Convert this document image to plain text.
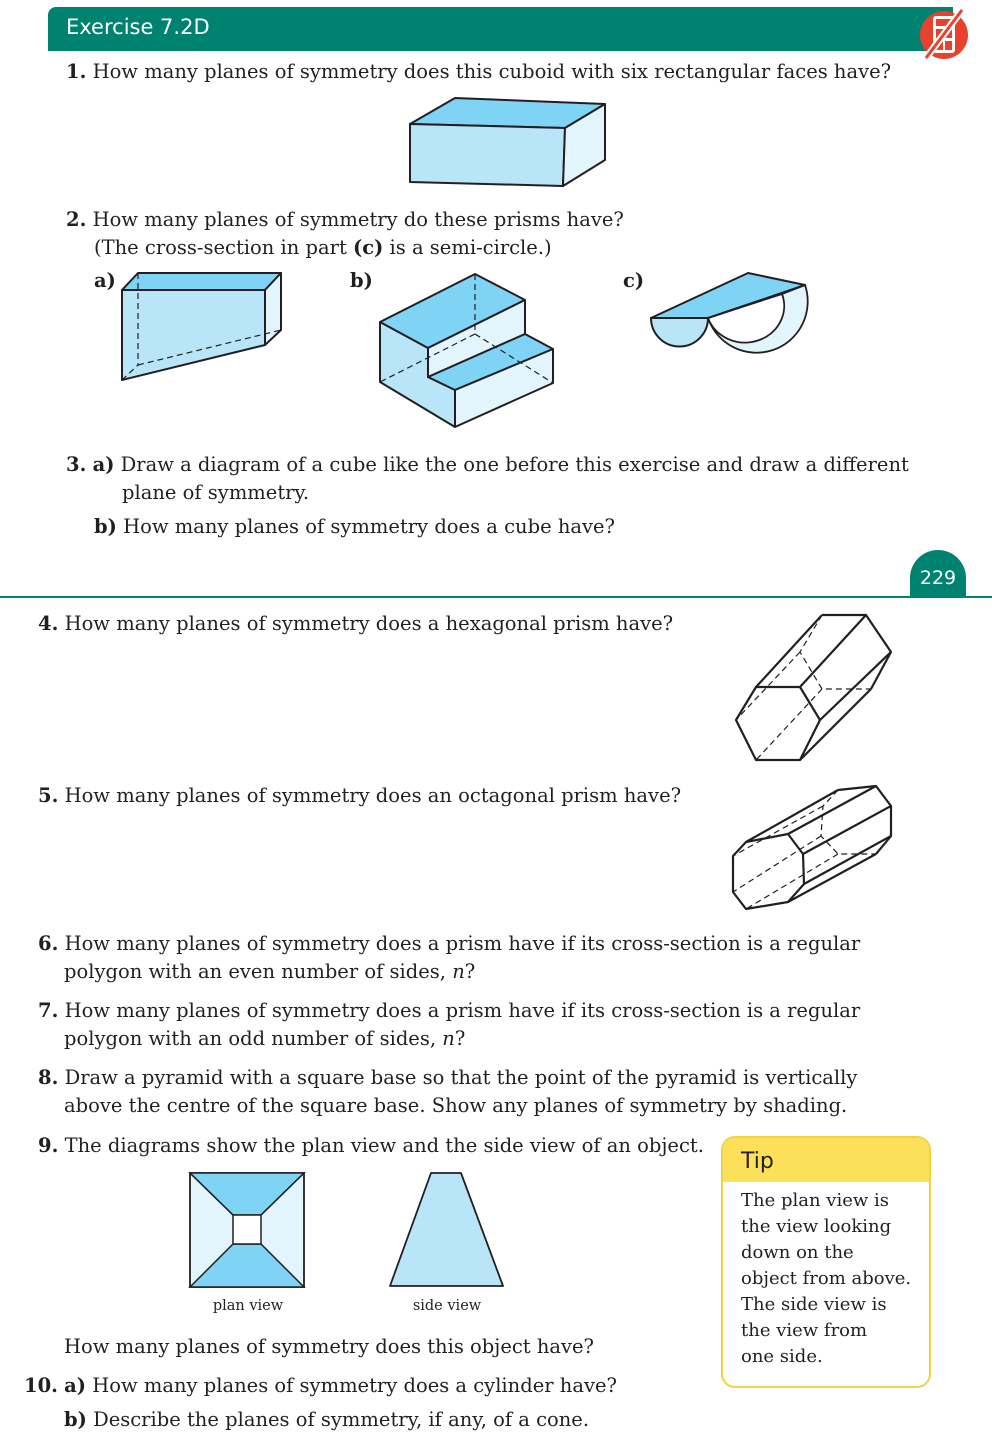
Exercise 7.2D
1. How many planes of symmetry does this cuboid with six rectangular faces have?
2. How many planes of symmetry do these prisms have?
(The cross-section in part (c) is a semi-circle.)
a)	b)	c)
3. a) Draw a diagram of a cube like the one before this exercise and draw a different
plane of symmetry.
b) How many planes of symmetry does a cube have?
229
4. How many planes of symmetry does a hexagonal prism have?
5. How many planes of symmetry does an octagonal prism have?
6. How many planes of symmetry does a prism have if its cross-section is a regular
polygon with an even number of sides, n?
7. How many planes of symmetry does a prism have if its cross-section is a regular
polygon with an odd number of sides, n?
8. Draw a pyramid with a square base so that the point of the pyramid is vertically
above the centre of the square base. Show any planes of symmetry by shading.
9. The diagrams show the plan view and the side view of an object.
plan view	side view
How many planes of symmetry does this object have?
Tip
The plan view is
the view looking
down on the
object from above.
The side view is
the view from
one side.
10. a) How many planes of symmetry does a cylinder have?
b) Describe the planes of symmetry, if any, of a cone.
